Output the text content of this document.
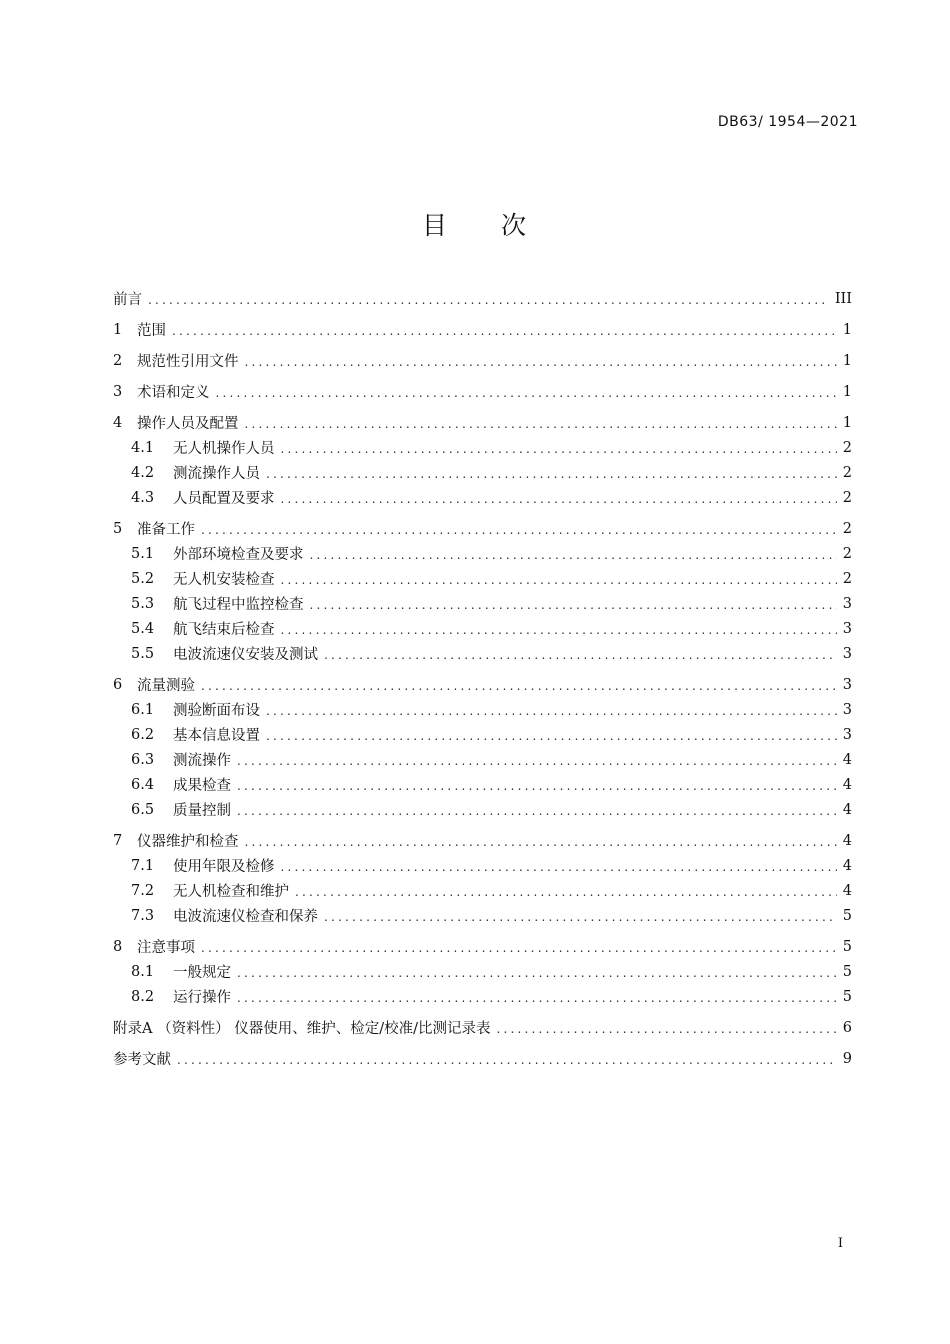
DB63/ 1954—2021
目 次
前言 .....	III
1	范围 .....	1
2	规范性引用文件 .....	1
3	术语和定义 .....	1
4	操作人员及配置 .....	1
4.1	无人机操作人员 .....	2
4.2	测流操作人员 .....	2
4.3	人员配置及要求 .....	2
5	准备工作 .....	2
5.1	外部环境检查及要求 .....	2
5.2	无人机安装检查 .....	2
5.3	航飞过程中监控检查 .....	3
5.4	航飞结束后检查 .....	3
5.5	电波流速仪安装及测试 .....	3
6	流量测验 .....	3
6.1	测验断面布设 .....	3
6.2	基本信息设置 .....	3
6.3	测流操作 .....	4
6.4	成果检查 .....	4
6.5	质量控制 .....	4
7	仪器维护和检查 .....	4
7.1	使用年限及检修 .....	4
7.2	无人机检查和维护 .....	4
7.3	电波流速仪检查和保养 .....	5
8	注意事项 .....	5
8.1	一般规定 .....	5
8.2	运行操作 .....	5
附录A （资料性） 仪器使用、维护、检定/校准/比测记录表 .....	6
参考文献 .....	9
I
